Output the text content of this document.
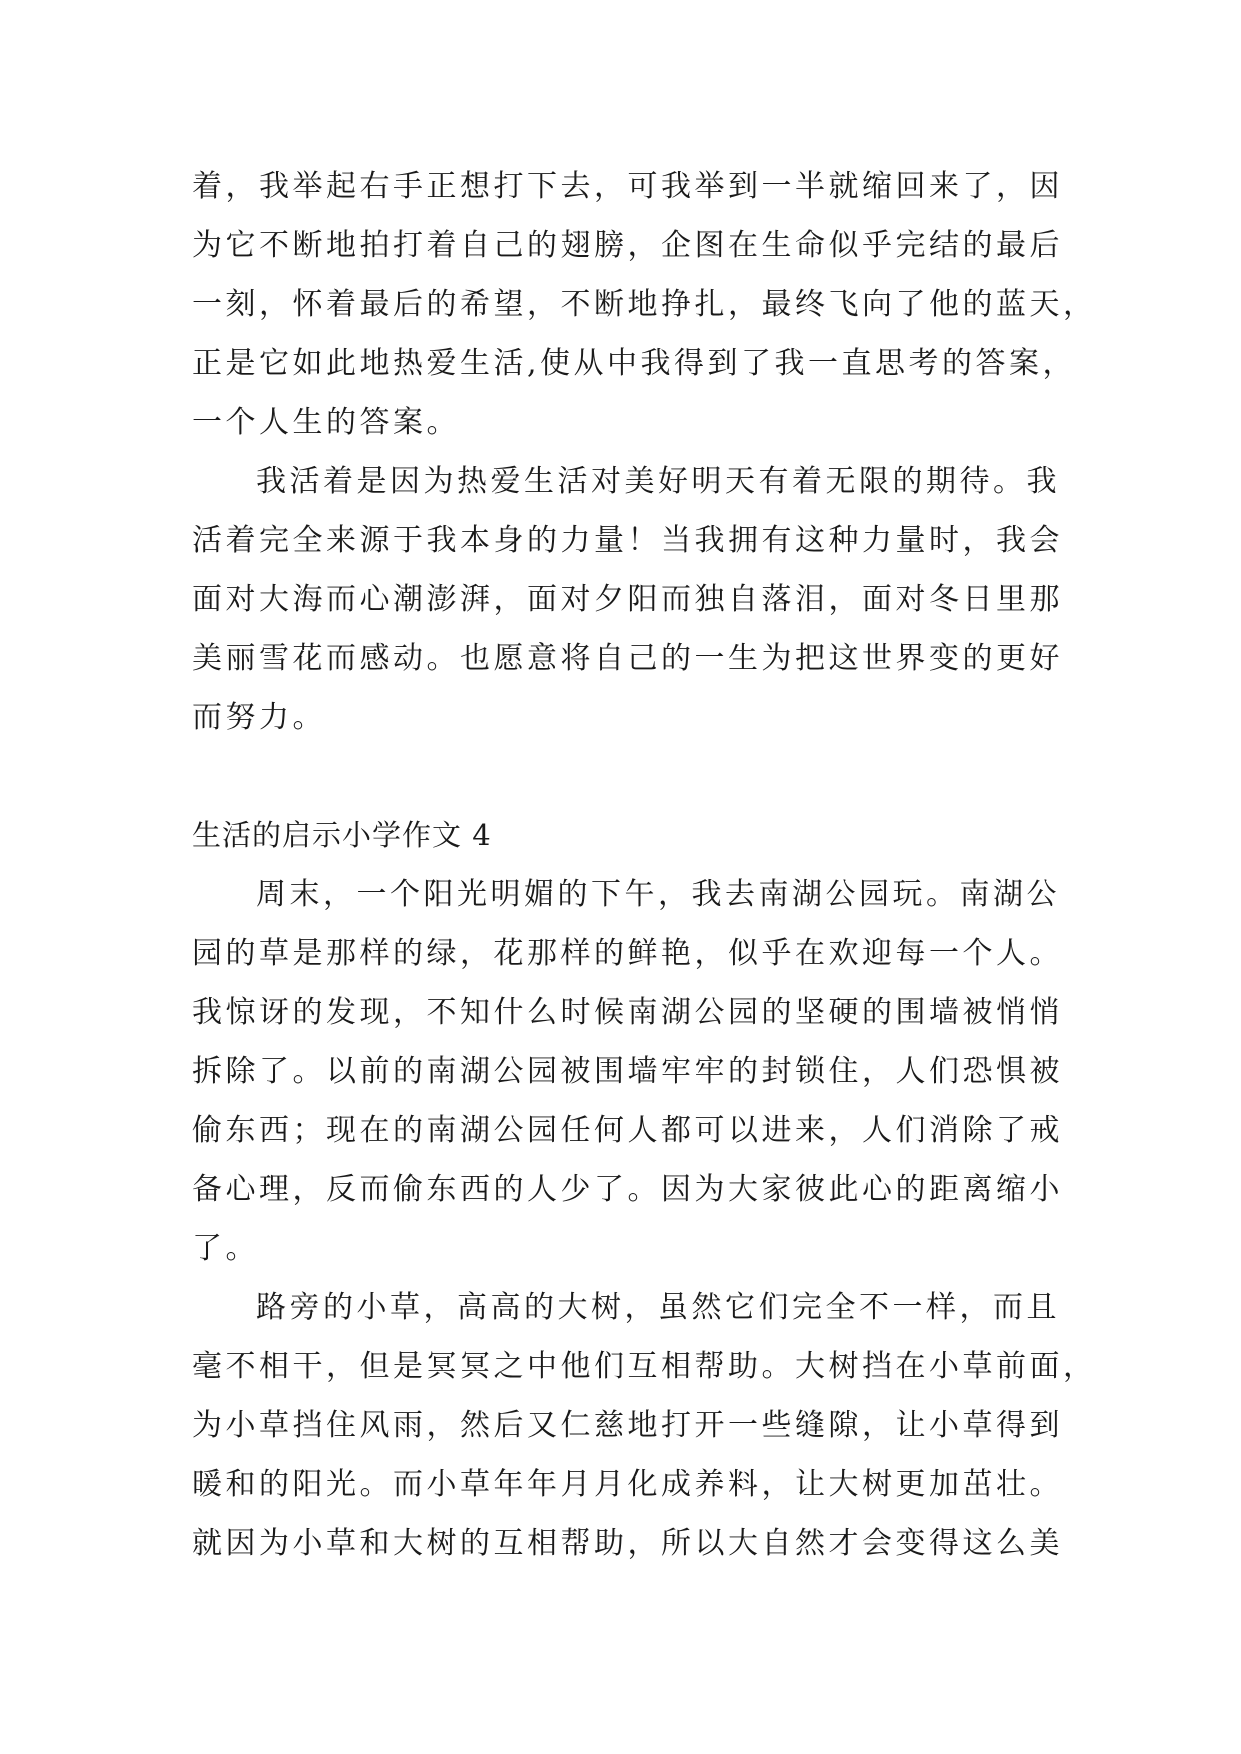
着，我举起右手正想打下去，可我举到一半就缩回来了，因
为它不断地拍打着自己的翅膀，企图在生命似乎完结的最后
一刻，怀着最后的希望，不断地挣扎，最终飞向了他的蓝天，
正是它如此地热爱生活,使从中我得到了我一直思考的答案，
一个人生的答案。
我活着是因为热爱生活对美好明天有着无限的期待。我
活着完全来源于我本身的力量！当我拥有这种力量时，我会
面对大海而心潮澎湃，面对夕阳而独自落泪，面对冬日里那
美丽雪花而感动。也愿意将自己的一生为把这世界变的更好
而努力。
生活的启示小学作文 4
周末，一个阳光明媚的下午，我去南湖公园玩。南湖公
园的草是那样的绿，花那样的鲜艳，似乎在欢迎每一个人。
我惊讶的发现，不知什么时候南湖公园的坚硬的围墙被悄悄
拆除了。以前的南湖公园被围墙牢牢的封锁住，人们恐惧被
偷东西；现在的南湖公园任何人都可以进来，人们消除了戒
备心理，反而偷东西的人少了。因为大家彼此心的距离缩小
了。
路旁的小草，高高的大树，虽然它们完全不一样，而且
毫不相干，但是冥冥之中他们互相帮助。大树挡在小草前面，
为小草挡住风雨，然后又仁慈地打开一些缝隙，让小草得到
暖和的阳光。而小草年年月月化成养料，让大树更加茁壮。
就因为小草和大树的互相帮助，所以大自然才会变得这么美
